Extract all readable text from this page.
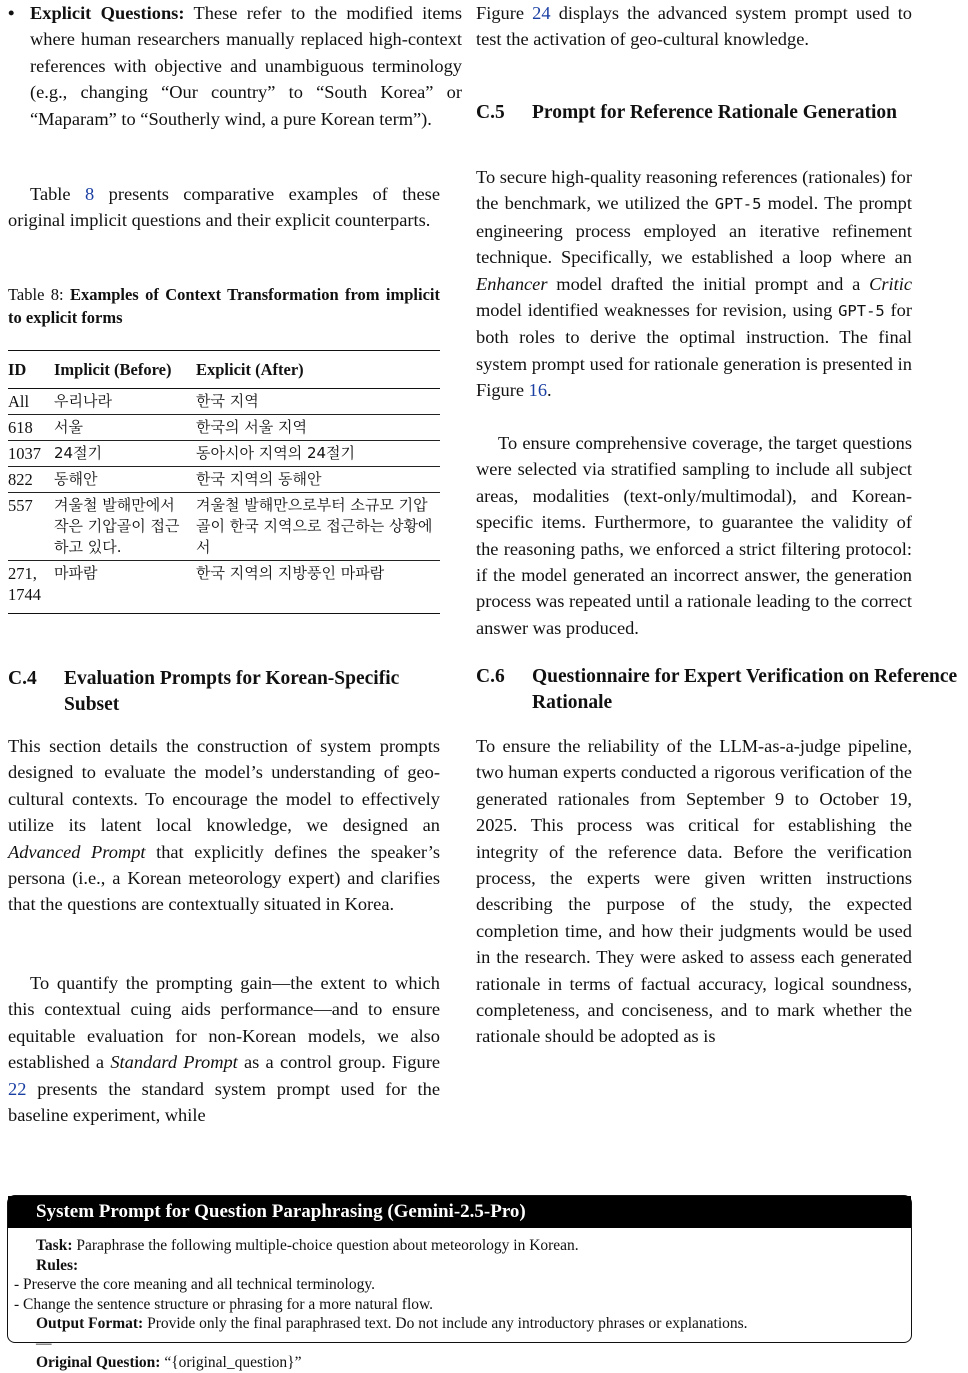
• Explicit Questions: These refer to the modified items where human researchers manually replaced high-context references with objective and unambiguous terminology (e.g., changing “Our country” to “South Korea” or “Maparam” to “Southerly wind, a pure Korean term”).

Table 8 presents comparative examples of these original implicit questions and their explicit counterparts.

Table 8: Examples of Context Transformation from implicit to explicit forms

ID	Implicit (Before)	Explicit (After)
All	우리나라	한국 지역
618	서울	한국의 서울 지역
1037	24절기	동아시아 지역의 24절기
822	동해안	한국 지역의 동해안
557	겨울철 발해만에서 작은 기압골이 접근하고 있다.	겨울철 발해만으로부터 소규모 기압골이 한국 지역으로 접근하는 상황에서
271, 1744	마파람	한국 지역의 지방풍인 마파람
C.4 Evaluation Prompts for Korean-Specific Subset

This section details the construction of system prompts designed to evaluate the model’s understanding of geo-cultural contexts. To encourage the model to effectively utilize its latent local knowledge, we designed an Advanced Prompt that explicitly defines the speaker’s persona (i.e., a Korean meteorology expert) and clarifies that the questions are contextually situated in Korea.

To quantify the prompting gain—the extent to which this contextual cuing aids performance—and to ensure equitable evaluation for non-Korean models, we also established a Standard Prompt as a control group. Figure 22 presents the standard system prompt used for the baseline experiment, while

Figure 24 displays the advanced system prompt used to test the activation of geo-cultural knowledge.

C.5 Prompt for Reference Rationale Generation

To secure high-quality reasoning references (rationales) for the benchmark, we utilized the GPT-5 model. The prompt engineering process employed an iterative refinement technique. Specifically, we established a loop where an Enhancer model drafted the initial prompt and a Critic model identified weaknesses for revision, using GPT-5 for both roles to derive the optimal instruction. The final system prompt used for rationale generation is presented in Figure 16.

To ensure comprehensive coverage, the target questions were selected via stratified sampling to include all subject areas, modalities (text-only/multimodal), and Korean-specific items. Furthermore, to guarantee the validity of the reasoning paths, we enforced a strict filtering protocol: if the model generated an incorrect answer, the generation process was repeated until a rationale leading to the correct answer was produced.

C.6 Questionnaire for Expert Verification on Reference Rationale

To ensure the reliability of the LLM-as-a-judge pipeline, two human experts conducted a rigorous verification of the generated rationales from September 9 to October 19, 2025. This process was critical for establishing the integrity of the reference data. Before the verification process, the experts were given written instructions describing the purpose of the study, the expected completion time, and how their judgments would be used in the research. They were asked to assess each generated rationale in terms of factual accuracy, logical soundness, completeness, and conciseness, and to mark whether the rationale should be adopted as is

System Prompt for Question Paraphrasing (Gemini-2.5-Pro)

Task: Paraphrase the following multiple-choice question about meteorology in Korean.

Rules:

- Preserve the core meaning and all technical terminology.

- Change the sentence structure or phrasing for a more natural flow.

Output Format: Provide only the final paraphrased text. Do not include any introductory phrases or explanations.

—

Original Question: “{original_question}”
